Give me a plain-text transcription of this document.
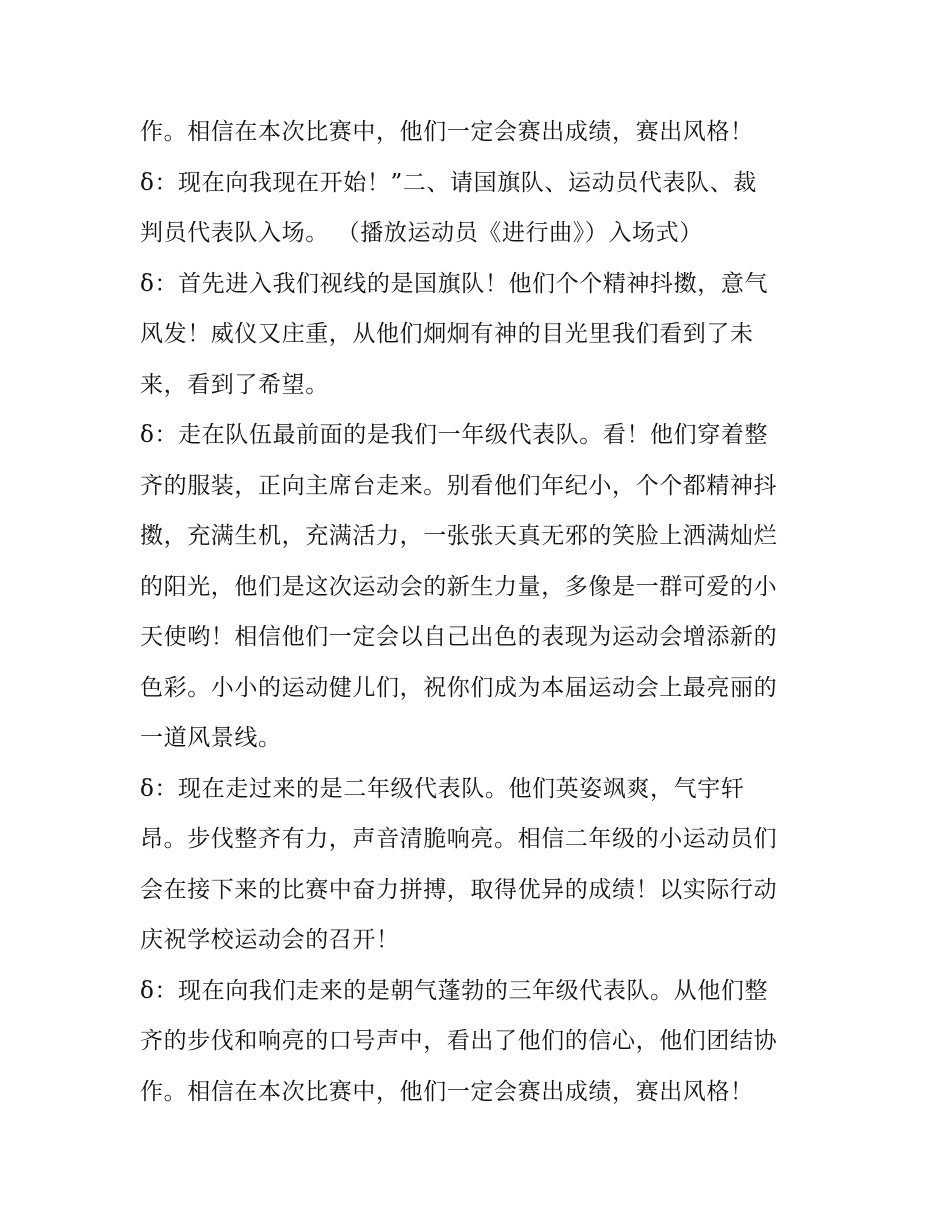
作。相信在本次比赛中，他们一定会赛出成绩，赛出风格！
δ：现在向我现在开始！”二、请国旗队、运动员代表队、裁
判员代表队入场。 （播放运动员《进行曲》）入场式）
δ：首先进入我们视线的是国旗队！他们个个精神抖擞，意气
风发！威仪又庄重，从他们炯炯有神的目光里我们看到了未
来，看到了希望。
δ：走在队伍最前面的是我们一年级代表队。看！他们穿着整
齐的服装，正向主席台走来。别看他们年纪小，个个都精神抖
擞，充满生机，充满活力，一张张天真无邪的笑脸上洒满灿烂
的阳光，他们是这次运动会的新生力量，多像是一群可爱的小
天使哟！相信他们一定会以自己出色的表现为运动会增添新的
色彩。小小的运动健儿们，祝你们成为本届运动会上最亮丽的
一道风景线。
δ：现在走过来的是二年级代表队。他们英姿飒爽，气宇轩
昂。步伐整齐有力，声音清脆响亮。相信二年级的小运动员们
会在接下来的比赛中奋力拼搏，取得优异的成绩！以实际行动
庆祝学校运动会的召开！
δ：现在向我们走来的是朝气蓬勃的三年级代表队。从他们整
齐的步伐和响亮的口号声中，看出了他们的信心，他们团结协
作。相信在本次比赛中，他们一定会赛出成绩，赛出风格！
